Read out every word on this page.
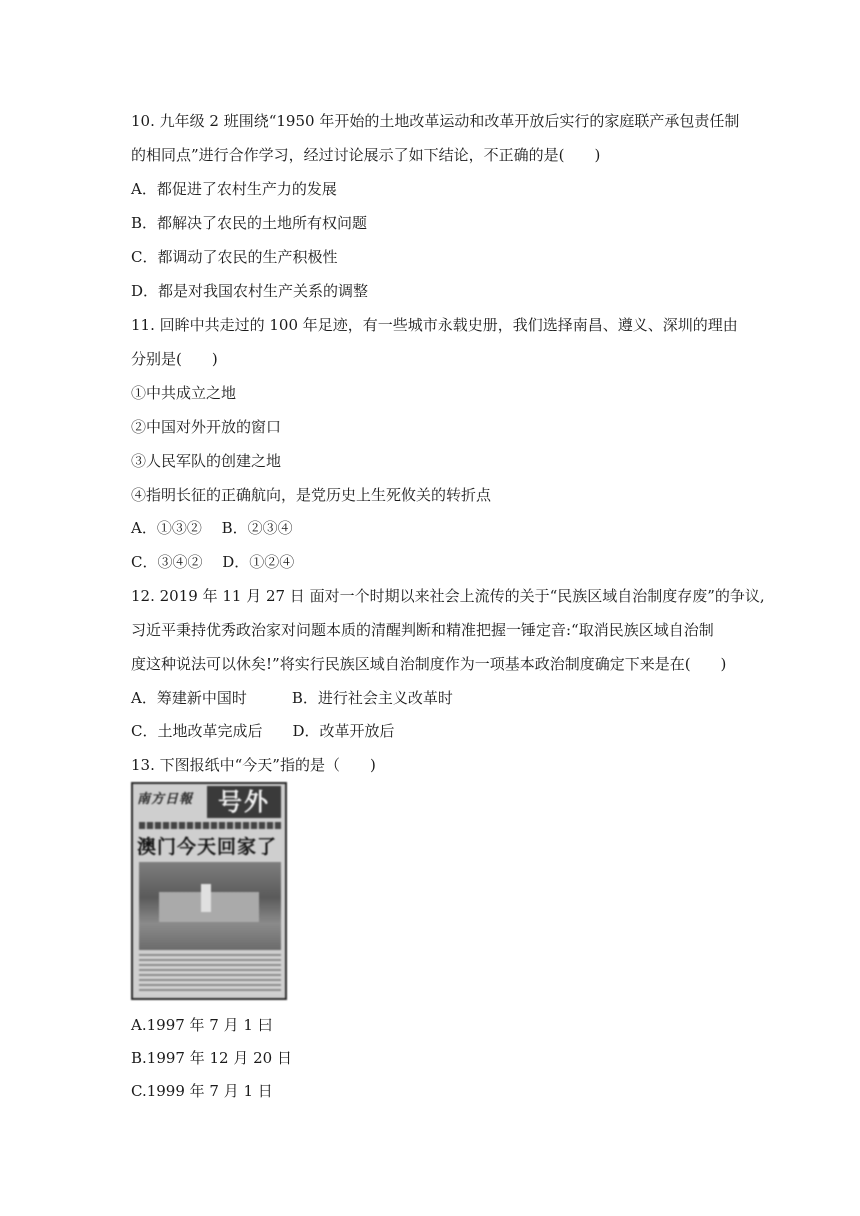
10. 九年级 2 班围绕“1950 年开始的土地改革运动和改革开放后实行的家庭联产承包责任制
的相同点”进行合作学习，经过讨论展示了如下结论，不正确的是(　　)
A．都促进了农村生产力的发展
B．都解决了农民的土地所有权问题
C．都调动了农民的生产积极性
D．都是对我国农村生产关系的调整
11. 回眸中共走过的 100 年足迹，有一些城市永载史册，我们选择南昌、遵义、深圳的理由
分别是(　　)
①中共成立之地
②中国对外开放的窗口
③人民军队的创建之地
④指明长征的正确航向，是党历史上生死攸关的转折点
A．①③②　 B．②③④
C．③④②　 D．①②④
12. 2019 年 11 月 27 日 面对一个时期以来社会上流传的关于“民族区域自治制度存废”的争议,
习近平秉持优秀政治家对问题本质的清醒判断和精准把握一锤定音:“取消民族区域自治制
度这种说法可以休矣!”将实行民族区域自治制度作为一项基本政治制度确定下来是在(　　)
A．筹建新中国时　　　B．进行社会主义改革时
C．土地改革完成后　　D．改革开放后
13. 下图报纸中“今天”指的是（　　)
南方日報	号外
澳门今天回家了
A.1997 年 7 月 1 曰
B.1997 年 12 月 20 日
C.1999 年 7 月 1 日
